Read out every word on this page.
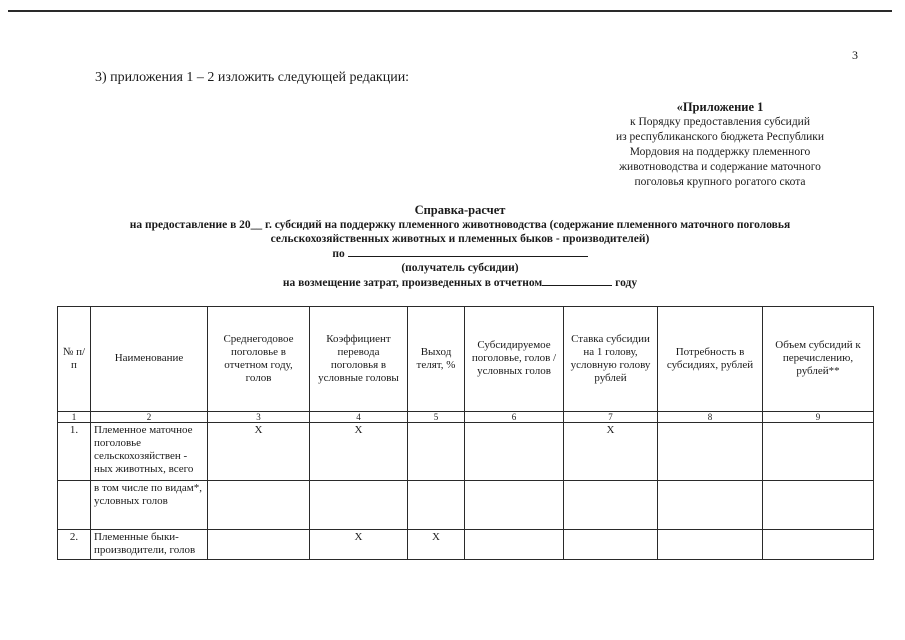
3
3) приложения 1 – 2 изложить следующей редакции:
«Приложение 1
к Порядку предоставления субсидий
из республиканского бюджета Республики
Мордовия на поддержку племенного
животноводства и содержание маточного
поголовья крупного рогатого скота
Справка-расчет
на предоставление в 20__ г. субсидий на поддержку племенного животноводства (содержание племенного маточного поголовья
сельскохозяйственных животных и племенных быков - производителей)
по
(получатель субсидии)
на возмещение затрат, произведенных в отчетном	году
№ п/п	Наименование	Среднегодовое поголовье в отчетном году, голов	Коэффициент перевода поголовья в условные головы	Выход телят, %	Субсидируемое поголовье, голов / условных голов	Ставка субсидии на 1 голову, условную голову рублей	Потребность в субсидиях, рублей	Объем субсидий к перечислению, рублей**
1	2	3	4	5	6	7	8	9
1.	Племенное маточное поголовье сельскохозяйствен - ных животных, всего	X	X			X		
	в том числе по видам*, условных голов							
2.	Племенные быки-производители, голов		X	X				
